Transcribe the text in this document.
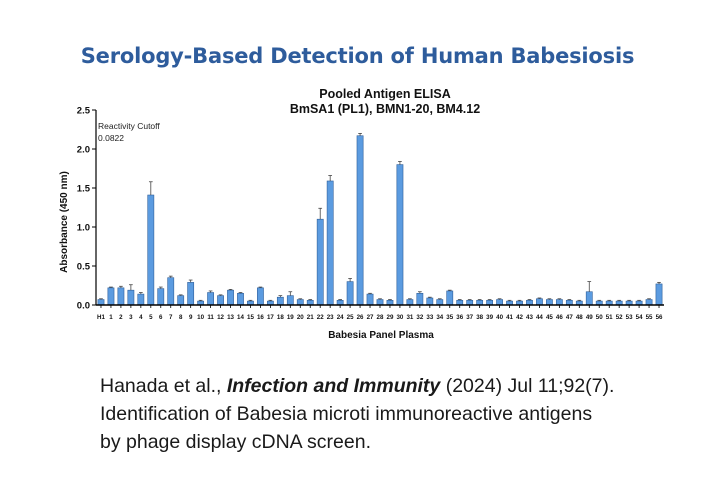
Serology-Based Detection of Human Babesiosis
Pooled Antigen ELISA
BmSA1 (PL1), BMN1-20, BM4.12
0.0
0.5
1.0
1.5
2.0
2.5
H1 1 2 3 4 5 6 7 8 9 10 11 12 13 14 15 16 17 18 19 20 21 22 23 24 25 26 27 28 29 30 31 32 33 34 35 36 37 38 39 40 41 42 43 44 45 46 47 48 49 50 51 52 53 54 55 56
Absorbance (450 nm)
Babesia Panel Plasma
Reactivity Cutoff
0.0822
Hanada et al., Infection and Immunity (2024) Jul 11;92(7).
Identification of Babesia microti immunoreactive antigens
by phage display cDNA screen.
